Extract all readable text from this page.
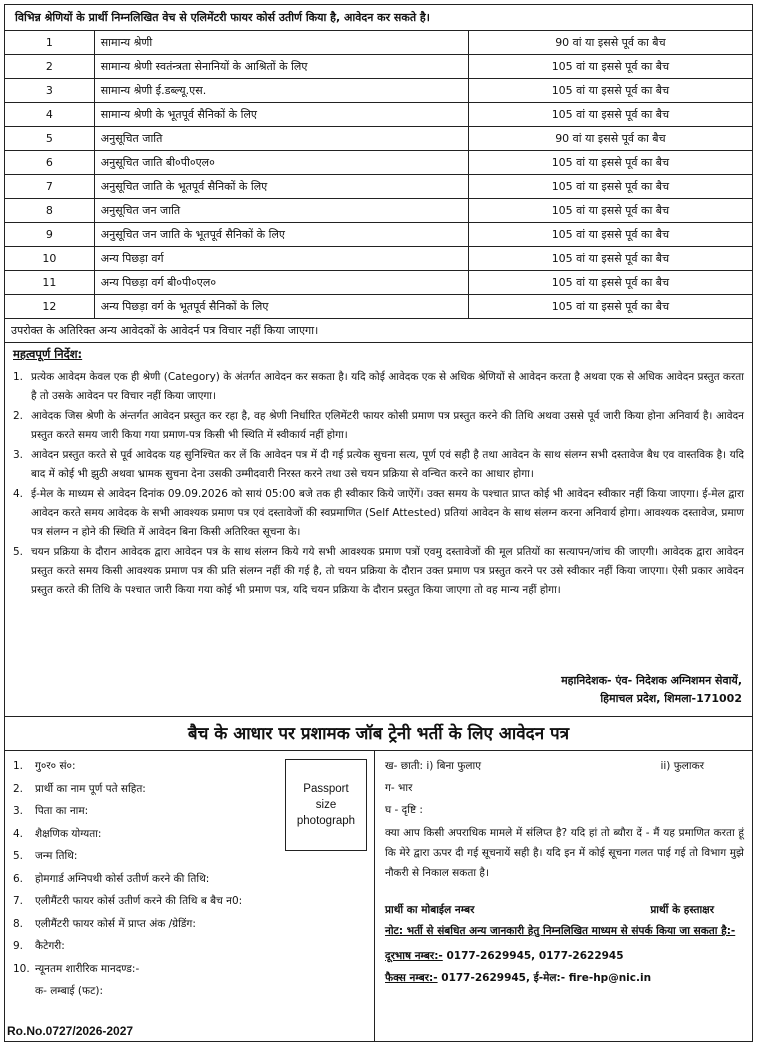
विभिन्न श्रेणियों के प्रार्थी निम्नलिखित वेच से एलिमेंटरी फायर कोर्स उतीर्ण किया है, आवेदन कर सकते है।
1	सामान्य श्रेणी	90 वां या इससे पूर्व का बैच
2	सामान्य श्रेणी स्वतंन्त्रता सेनानियों के आश्रितों के लिए	105 वां या इससे पूर्व का बैच
3	सामान्य श्रेणी ई.डब्ल्यू.एस.	105 वां या इससे पूर्व का बैच
4	सामान्य श्रेणी के भूतपूर्व सैनिकों के लिए	105 वां या इससे पूर्व का बैच
5	अनुसूचित जाति	90 वां या इससे पूर्व का बैच
6	अनुसूचित जाति बी०पी०एल०	105 वां या इससे पूर्व का बैच
7	अनुसूचित जाति के भूतपूर्व सैनिकों के लिए	105 वां या इससे पूर्व का बैच
8	अनुसूचित जन जाति	105 वां या इससे पूर्व का बैच
9	अनुसूचित जन जाति के भूतपूर्व सैनिकों के लिए	105 वां या इससे पूर्व का बैच
10	अन्य पिछड़ा वर्ग	105 वां या इससे पूर्व का बैच
11	अन्य पिछड़ा वर्ग बी०पी०एल०	105 वां या इससे पूर्व का बैच
12	अन्य पिछड़ा वर्ग के भूतपूर्व सैनिकों के लिए	105 वां या इससे पूर्व का बैच
उपरोक्त के अतिरिक्त अन्य आवेदकों के आवेदर्न पत्र विचार नहीं किया जाएगा।
महत्वपूर्ण निर्देश:
1. प्रत्येक आवेदम केवल एक ही श्रेणी (Category) के अंतर्गत आवेदन कर सकता है। यदि कोई आवेदक एक से अधिक श्रेणियों से आवेदन करता है अथवा एक से अधिक आवेदन प्रस्तुत करता है तो उसके आवेदन पर विचार नहीं किया जाएगा।
2. आवेदक जिस श्रेणी के अंन्तर्गत आवेदन प्रस्तुत कर रहा है, वह श्रेणी निर्धारित एलिमेंटरी फायर कोसी प्रमाण पत्र प्रस्तुत करने की तिथि अथवा उससे पूर्व जारी किया होना अनिवार्य है। आवेदन प्रस्तुत करते समय जारी किया गया प्रमाण-पत्र किसी भी स्थिति में स्वीकार्य नहीं होगा।
3. आवेदन प्रस्तुत करते से पूर्व आवेदक यह सुनिश्चित कर लें कि आवेदन पत्र में दी गई प्रत्येक सुचना सत्य, पूर्ण एवं सही है तथा आवेदन के साथ संलग्न सभी दस्तावेज बैध एव वास्तविक है। यदि बाद में कोई भी झुठी अथवा भ्रामक सुचना देना उसकी उम्मीदवारी निरस्त करने तथा उसे चयन प्रक्रिया से वन्चित करने का आधार होगा।
4. ई-मेल के माध्यम से आवेदन दिनांक 09.09.2026 को सायं 05:00 बजे तक ही स्वीकार किये जाऐंगें। उक्त समय के पश्चात प्राप्त कोई भी आवेदन स्वीकार नहीं किया जाएगा। ई-मेल द्वारा आवेदन करते समय आवेदक के सभी आवश्यक प्रमाण पत्र एवं दस्तावेजों की स्वप्रमाणित (Self Attested) प्रतियां आवेदन के साथ संलग्न करना अनिवार्य होगा। आवश्यक दस्तावेज, प्रमाण पत्र संलग्न न होने की स्थिति में आवेदन बिना किसी अतिरिक्त सूचना के।
5. चयन प्रक्रिया के दौरान आवेदक द्वारा आवेदन पत्र के साथ संलग्न किये गये सभी आवश्यक प्रमाण पत्रों एवमु दस्तावेजों की मूल प्रतियों का सत्यापन/जांच की जाएगी। आवेदक द्वारा आवेदन प्रस्तुत करते समय किसी आवश्यक प्रमाण पत्र की प्रति संलग्न नहीं की गई है, तो चयन प्रक्रिया के दौरान उक्त प्रमाण पत्र प्रस्तुत करने पर उसे स्वीकार नहीं किया जाएगा। ऐसी प्रकार आवेदन प्रस्तुत करते की तिथि के पश्चात जारी किया गया कोई भी प्रमाण पत्र, यदि चयन प्रक्रिया के दौरान प्रस्तुत किया जाएगा तो वह मान्य नहीं होगा।
महानिदेशक- एंव- निदेशक अग्निशमन सेवायें,
हिमाचल प्रदेश, शिमला-171002
बैच के आधार पर प्रशामक जॉब ट्रेनी भर्ती के लिए आवेदन पत्र
1.	गु०र० सं०:
2.	प्रार्थी का नाम पूर्ण पते सहित:
3.	पिता का नाम:
4.	शैक्षणिक योग्यता:
5.	जन्म तिथि:
6.	होमगार्ड अग्निपथी कोर्स उतीर्ण करने की तिथि:
7.	एलीमैंटरी फायर कोर्स उतीर्ण करने की तिथि ब बैच न0:
8.	एलीमैंटरी फायर कोर्स में प्राप्त अंक /ग्रेडिंग:
9.	कैटेगरी:
10. न्यूनतम शारीरिक मानदण्ड:-
क- लम्बाई (फट):
Passport
size
photograph
Ro.No.0727/2026-2027
ख- छाती: i) बिना फुलाए	ii) फुलाकर
ग- भार
घ - दृष्टि :
क्या आप किसी अपराधिक मामले में संलिप्त है? यदि हां तो ब्यौरा दें - मैं यह प्रमाणित करता हूं कि मेरे द्वारा ऊपर दी गई सूचनायें सही है। यदि इन में कोई सूचना गलत पाई गई तो विभाग मुझे नौकरी से निकाल सकता है।
प्रार्थी का मोबाईल नम्बर	प्रार्थी के हस्ताक्षर
नोट: भर्ती से संबधित अन्य जानकारी हेतु निम्नलिखित माध्यम से संपर्क किया जा सकता है:-
दूरभाष नम्बर:- 0177-2629945, 0177-2622945
फैक्स नम्बर:- 0177-2629945, ई-मेल:- fire-hp@nic.in
